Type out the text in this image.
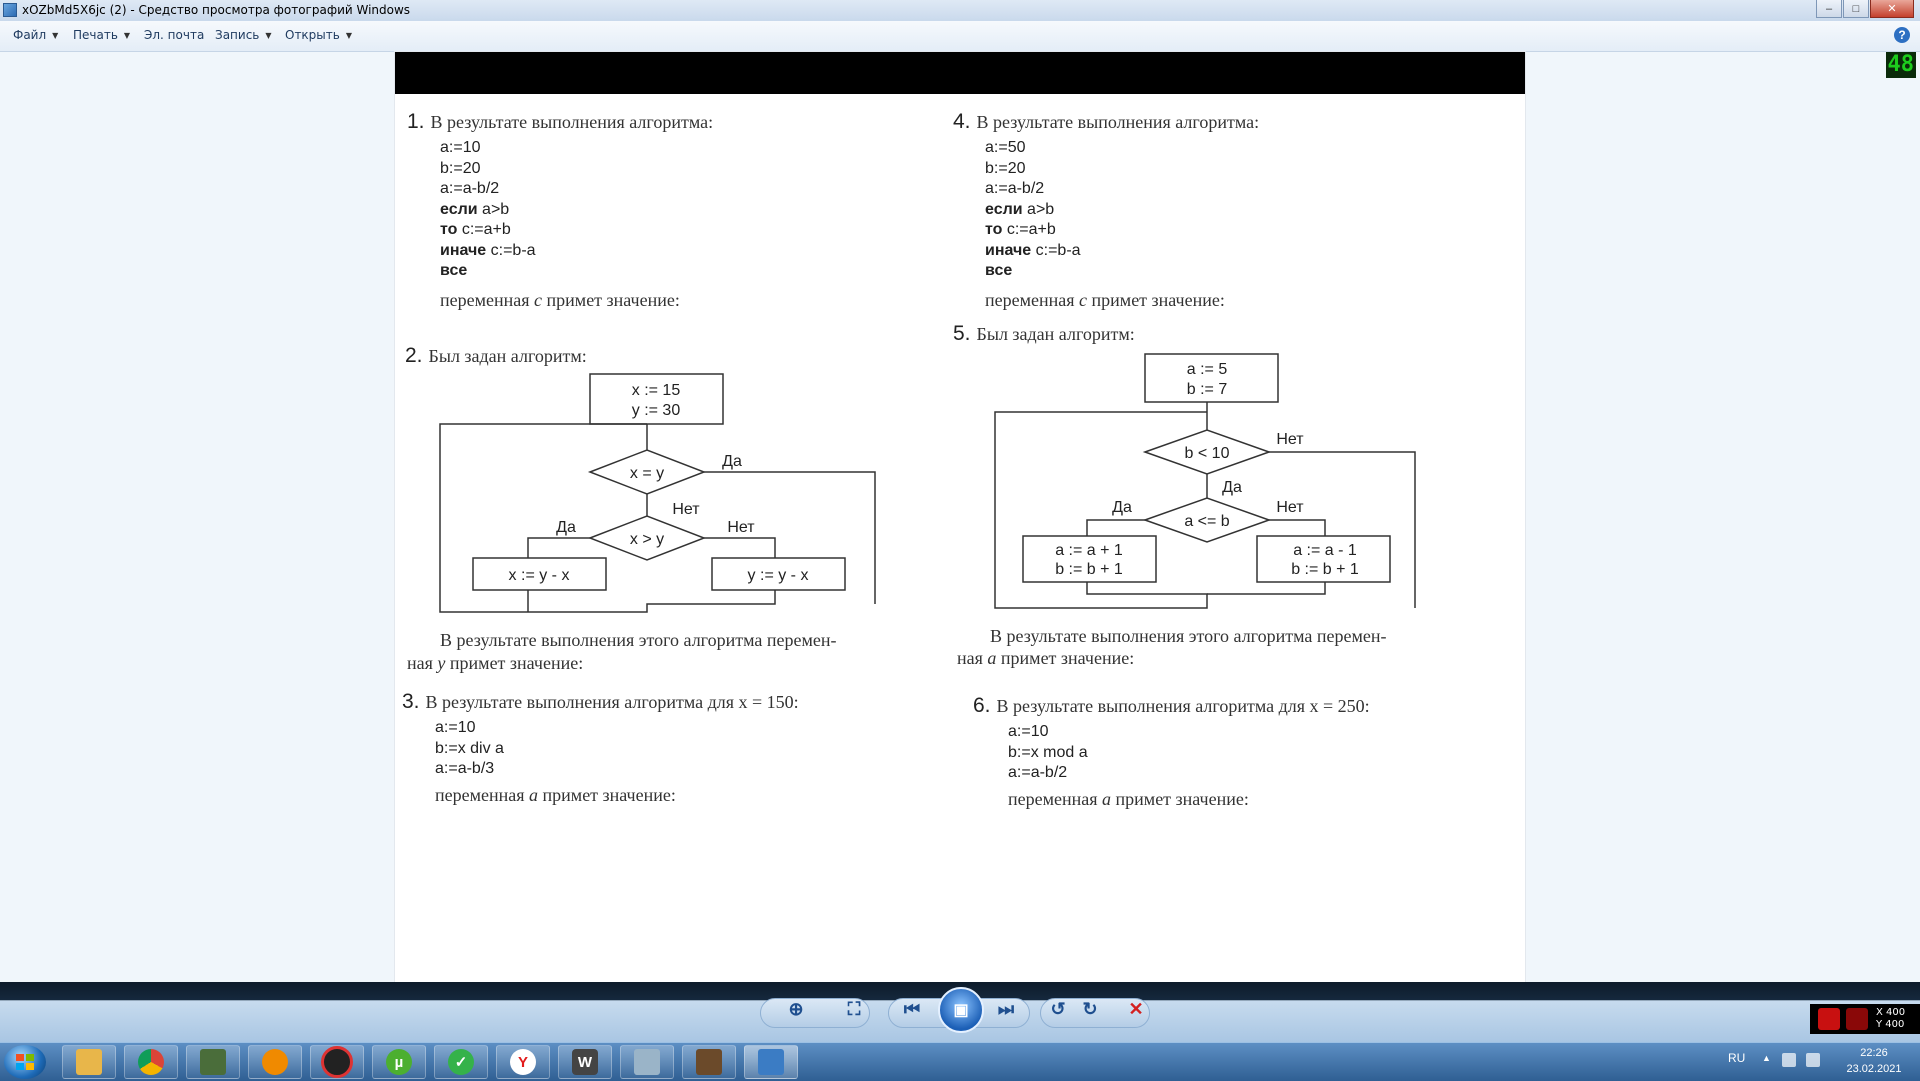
xOZbMd5X6jc (2) - Средство просмотра фотографий Windows	–	□	✕
Файл ▼ Печать ▼ Эл. почта Запись ▼ Открыть ▼	?
48
1. В результате выполнения алгоритма:
a:=10
b:=20
a:=a-b/2
если a>b
то c:=a+b
иначе c:=b-a
все
переменная c примет значение:
2. Был задан алгоритм:
x := 15
y := 30
x = y
x > y
x := y - x	y := y - x
Да
Нет
Да	Нет
В результате выполнения этого алгоритма перемен-
ная y примет значение:
3. В результате выполнения алгоритма для x = 150:
a:=10
b:=x div a
a:=a-b/3
переменная a примет значение:
4. В результате выполнения алгоритма:
a:=50
b:=20
a:=a-b/2
если a>b
то c:=a+b
иначе c:=b-a
все
переменная c примет значение:
5. Был задан алгоритм:
a := 5
b := 7
b < 10
a <= b
a := a + 1
b := b + 1
a := a - 1
b := b + 1
Нет
Да
Да	Нет
В результате выполнения этого алгоритма перемен-
ная a примет значение:
6. В результате выполнения алгоритма для x = 250:
a:=10
b:=x mod a
a:=a-b/2
переменная a примет значение:
⊕	⛶	⏮	▣	⏭	↺ ↻	✕	X 400
Y 400
µ	✓	Y	W	RU ▲	22:26
23.02.2021
